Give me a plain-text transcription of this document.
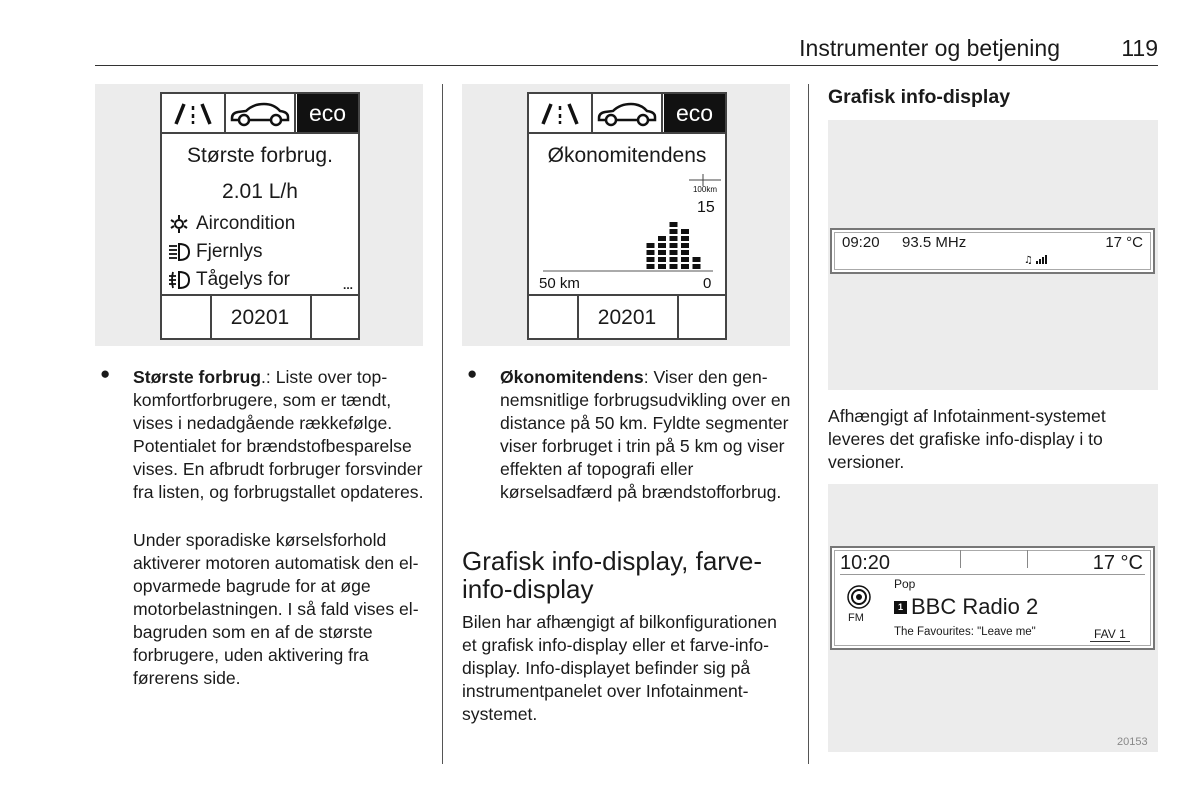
Instrumenter og betjening	119
eco
Største forbrug.
2.01 L/h
Aircondition
Fjernlys
Tågelys for	...
20201
eco
Økonomitendens
100km
15
50 km	0
20201
● Største forbrug.: Liste over topkomfortforbrugere, som er tændt, vises i nedadgående rækkefølge. Potentialet for brændstofbesparelse vises. En afbrudt forbruger forsvinder fra listen, og forbrugstallet opdateres.
Under sporadiske kørselsforhold aktiverer motoren automatisk den el-opvarmede bagrude for at øge motorbelastningen. I så fald vises el-bagruden som en af de største forbrugere, uden aktivering fra førerens side.
● Økonomitendens: Viser den gennemsnitlige forbrugsudvikling over en distance på 50 km. Fyldte segmenter viser forbruget i trin på 5 km og viser effekten af topografi eller kørselsadfærd på brændstofforbrug.
Grafisk info-display, farve-info-display
Bilen har afhængigt af bilkonfigurationen et grafisk info-display eller et farve-info-display. Info-displayet befinder sig på instrumentpanelet over Infotainment-systemet.
Grafisk info-display
09:20 93.5 MHz	17 °C
♫
Afhængigt af Infotainment-systemet leveres det grafiske info-display i to versioner.
10:20	17 °C
FM
Pop
1 BBC Radio 2
The Favourites: "Leave me"	FAV 1
20153
